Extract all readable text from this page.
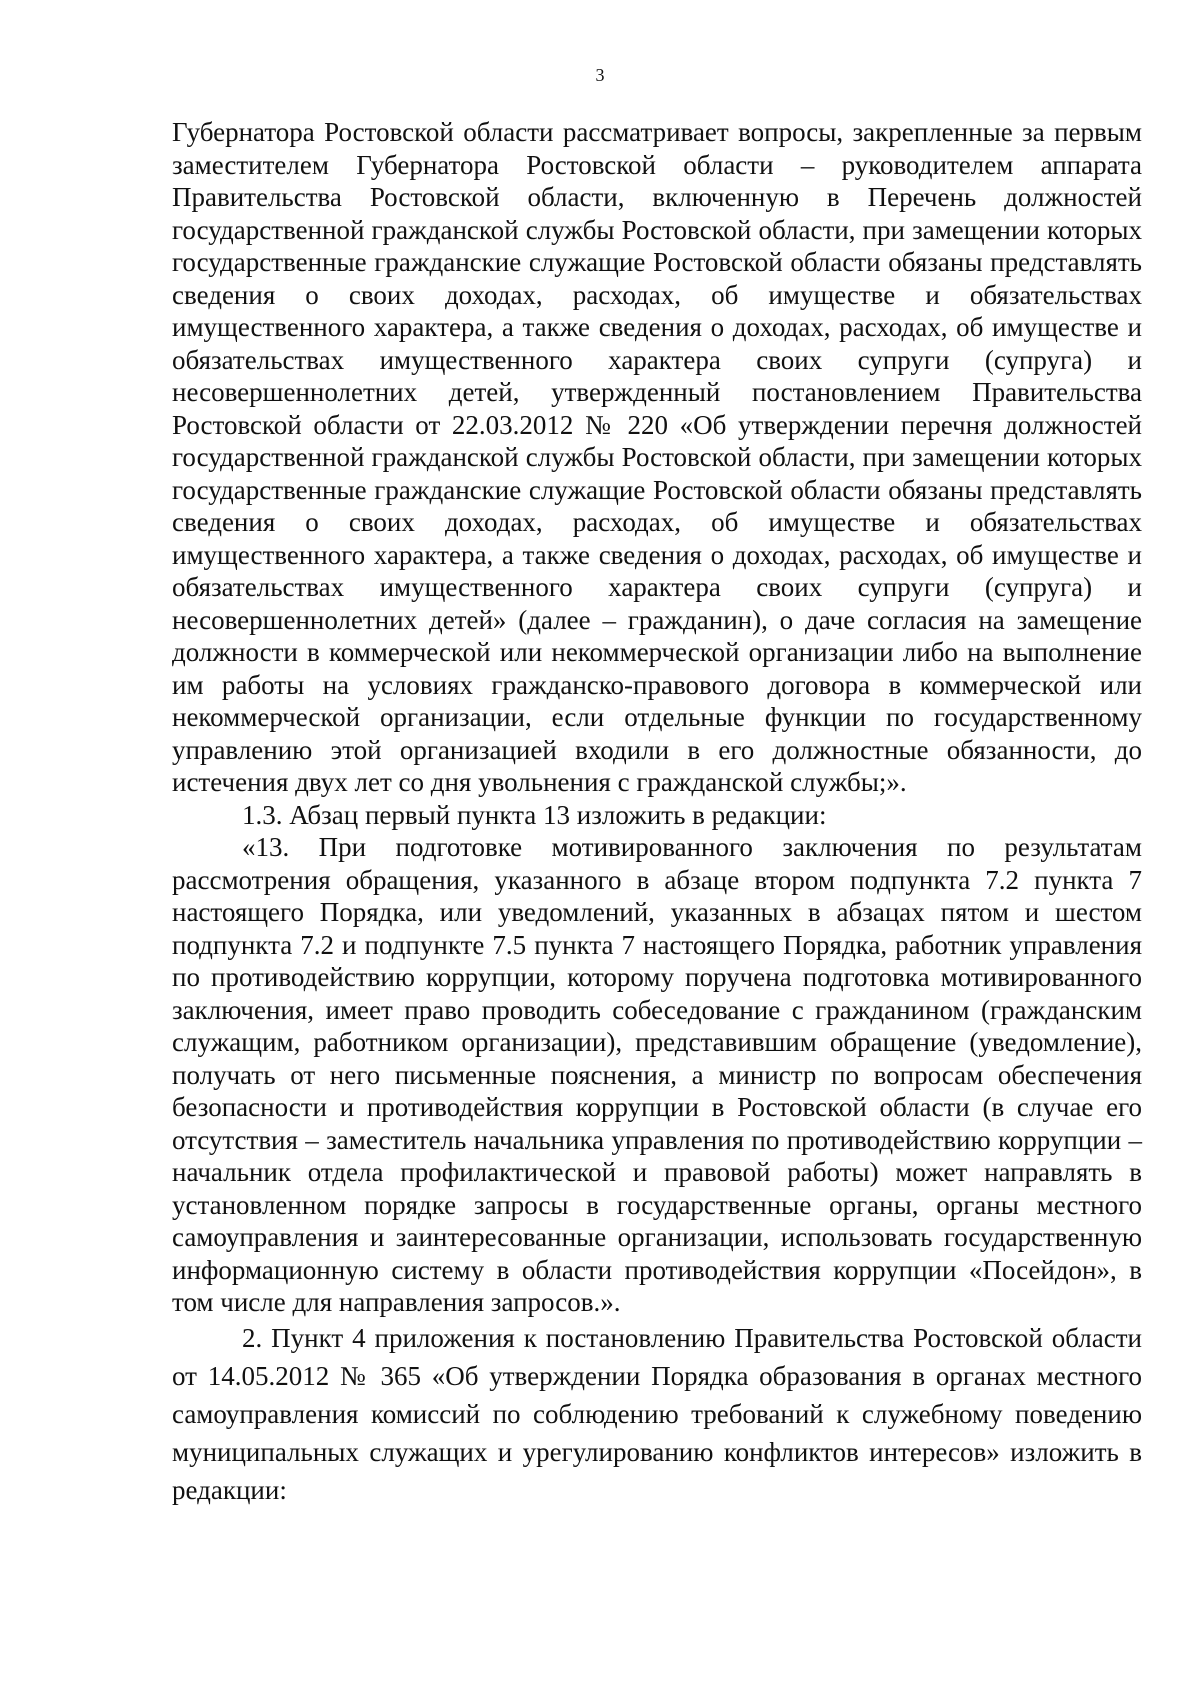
3

Губернатора Ростовской области рассматривает вопросы, закрепленные за первым заместителем Губернатора Ростовской области – руководителем аппарата Правительства Ростовской области, включенную в Перечень должностей государственной гражданской службы Ростовской области, при замещении которых государственные гражданские служащие Ростовской области обязаны представлять сведения о своих доходах, расходах, об имуществе и обязательствах имущественного характера, а также сведения о доходах, расходах, об имуществе и обязательствах имущественного характера своих супруги (супруга) и несовершеннолетних детей, утвержденный постановлением Правительства Ростовской области от 22.03.2012 № 220 «Об утверждении перечня должностей государственной гражданской службы Ростовской области, при замещении которых государственные гражданские служащие Ростовской области обязаны представлять сведения о своих доходах, расходах, об имуществе и обязательствах имущественного характера, а также сведения о доходах, расходах, об имуществе и обязательствах имущественного характера своих супруги (супруга) и несовершеннолетних детей» (далее – гражданин), о даче согласия на замещение должности в коммерческой или некоммерческой организации либо на выполнение им работы на условиях гражданско-правового договора в коммерческой или некоммерческой организации, если отдельные функции по государственному управлению этой организацией входили в его должностные обязанности, до истечения двух лет со дня увольнения с гражданской службы;».

1.3. Абзац первый пункта 13 изложить в редакции:

«13. При подготовке мотивированного заключения по результатам рассмотрения обращения, указанного в абзаце втором подпункта 7.2 пункта 7 настоящего Порядка, или уведомлений, указанных в абзацах пятом и шестом подпункта 7.2 и подпункте 7.5 пункта 7 настоящего Порядка, работник управления по противодействию коррупции, которому поручена подготовка мотивированного заключения, имеет право проводить собеседование с гражданином (гражданским служащим, работником организации), представившим обращение (уведомление), получать от него письменные пояснения, а министр по вопросам обеспечения безопасности и противодействия коррупции в Ростовской области (в случае его отсутствия – заместитель начальника управления по противодействию коррупции – начальник отдела профилактической и правовой работы) может направлять в установленном порядке запросы в государственные органы, органы местного самоуправления и заинтересованные организации, использовать государственную информационную систему в области противодействия коррупции «Посейдон», в том числе для направления запросов.».

2. Пункт 4 приложения к постановлению Правительства Ростовской области от 14.05.2012 № 365 «Об утверждении Порядка образования в органах местного самоуправления комиссий по соблюдению требований к служебному поведению муниципальных служащих и урегулированию конфликтов интересов» изложить в редакции:
